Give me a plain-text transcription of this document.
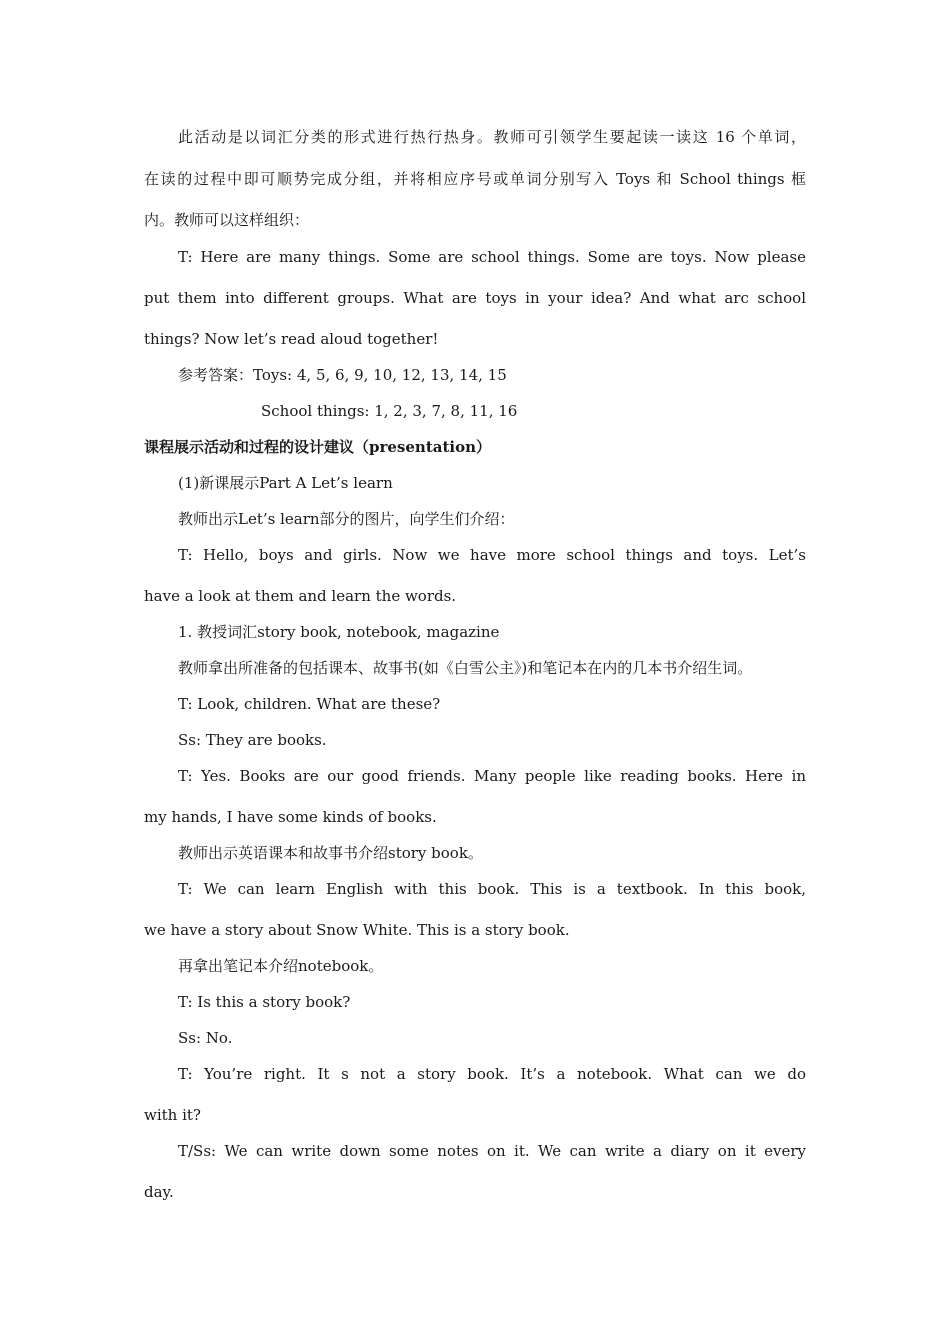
此活动是以词汇分类的形式进行热行热身。教师可引领学生要起读一读这 16 个单词，
在读的过程中即可顺势完成分组，并将相应序号或单词分别写入 Toys 和 School things 框
内。教师可以这样组织：
T: Here are many things. Some are school things. Some are toys. Now please
put them into different groups. What are toys in your idea? And what arc school
things? Now let’s read aloud together!
参考答案：Toys: 4, 5, 6, 9, 10, 12, 13, 14, 15
School things: 1, 2, 3, 7, 8, 11, 16
课程展示活动和过程的设计建议（presentation）
(1)新课展示Part A Let’s learn
教师出示Let’s learn部分的图片，向学生们介绍：
T: Hello, boys and girls. Now we have more school things and toys. Let’s
have a look at them and learn the words.
1. 教授词汇story book, notebook, magazine
教师拿出所准备的包括课本、故事书(如《白雪公主》)和笔记本在内的几本书介绍生词。
T: Look, children. What are these?
Ss: They are books.
T: Yes. Books are our good friends. Many people like reading books. Here in
my hands, I have some kinds of books.
教师出示英语课本和故事书介绍story book。
T: We can learn English with this book. This is a textbook. In this book,
we have a story about Snow White. This is a story book.
再拿出笔记本介绍notebook。
T: Is this a story book?
Ss: No.
T: You’re right. It s not a story book. It’s a notebook. What can we do
with it?
T/Ss: We can write down some notes on it. We can write a diary on it every
day.
